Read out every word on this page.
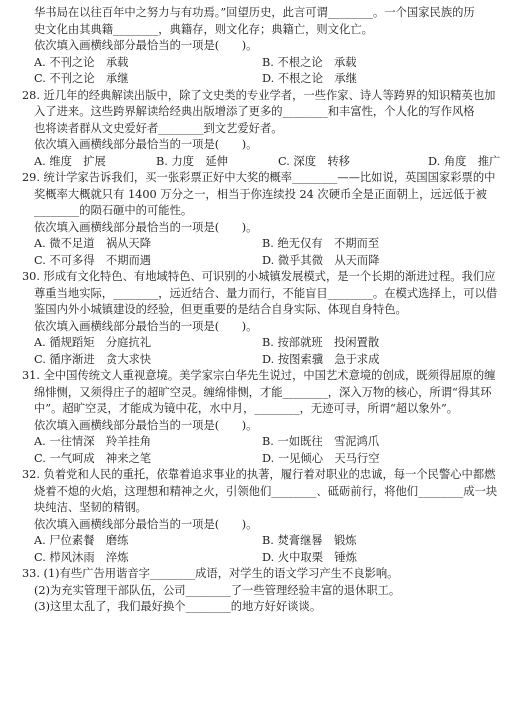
华书局在以往百年中之努力与有功焉。”回望历史，此言可谓________。一个国家民族的历
史文化由其典籍________，典籍存，则文化存；典籍亡，则文化亡。
依次填入画横线部分最恰当的一项是(　　)。
A. 不刊之论　承载	B. 不根之论　承载
C. 不刊之论　承继	D. 不根之论　承继
28. 近几年的经典解读出版中，除了文史类的专业学者，一些作家、诗人等跨界的知识精英也加
入了进来。这些跨界解读给经典出版增添了更多的________和丰富性，个人化的写作风格
也将读者群从文史爱好者________到文艺爱好者。
依次填入画横线部分最恰当的一项是(　　)。
A. 维度　扩展	B. 力度　延伸	C. 深度　转移	D. 角度　推广
29. 统计学家告诉我们，买一张彩票正好中大奖的概率________——比如说，英国国家彩票的中
奖概率大概就只有 1400 万分之一，相当于你连续投 24 次硬币全是正面朝上，远远低于被
________的陨石砸中的可能性。
依次填入画横线部分最恰当的一项是(　　)。
A. 微不足道　祸从天降	B. 绝无仅有　不期而至
C. 不可多得　不期而遇	D. 微乎其微　从天而降
30. 形成有文化特色、有地域特色、可识别的小城镇发展模式，是一个长期的渐进过程。我们应
尊重当地实际，________，远近结合、量力而行，不能盲目________。在模式选择上，可以借
鉴国内外小城镇建设的经验，但更重要的是结合自身实际、体现自身特色。
依次填入画横线部分最恰当的一项是(　　)。
A. 循规蹈矩　分庭抗礼	B. 按部就班　投闲置散
C. 循序渐进　贪大求快	D. 按图索骥　急于求成
31. 全中国传统文人重视意境。美学家宗白华先生说过，中国艺术意境的创成，既须得屈原的缠
绵悱恻，又须得庄子的超旷空灵。缠绵悱恻，才能________，深入万物的核心，所谓“得其环
中”。超旷空灵，才能成为镜中花，水中月，________，无迹可寻，所谓“超以象外”。
依次填入画横线部分最恰当的一项是(　　)。
A. 一往情深　羚羊挂角	B. 一如既往　雪泥鸿爪
C. 一气呵成　神来之笔	D. 一见倾心　天马行空
32. 负着党和人民的重托，依靠着追求事业的执著，履行着对职业的忠诚，每一个民警心中都燃
烧着不熄的火焰，这理想和精神之火，引领他们________、砥砺前行，将他们________成一块
块纯洁、坚韧的精钢。
依次填入画横线部分最恰当的一项是(　　)。
A. 尸位素餐　磨练	B. 焚膏继晷　锻炼
C. 栉风沐雨　淬炼	D. 火中取栗　锤炼
33. (1)有些广告用谐音字________成语，对学生的语文学习产生不良影响。
(2)为充实管理干部队伍，公司________了一些管理经验丰富的退休职工。
(3)这里太乱了，我们最好换个________的地方好好谈谈。
